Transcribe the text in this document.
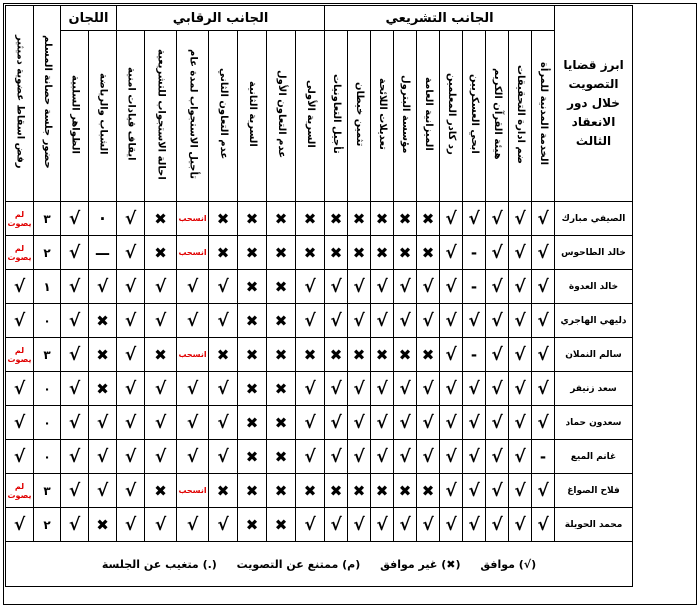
ابرز قضايا التصويت خلال دور الانعقاد الثالث	الجانب التشريعي										الجانب الرقابي							اللجان		حضور جلسة حصانة المسلم	رفض اسقاط عضوية دميثير
	الخدمة المدنية للمرأة	ضم ادارة التحقيقات	هيئة القرآن الكريم	ابحي العسكريين	رد كادر المعلمين	الميزانية العامة	مؤسسة البترول	تعديلات اللائحة	تثمين خيطان	تأجيل التعاونيات	السرية الأولى	عدم التعاون الأول	السرية الثانية	عدم التعاون الثاني	تأجيل الاستجواب لمدة عام	احالة الاستجواب للتشريعية	ايقاف قيادات امنية	الشباب والرياضة	الظواهر السلبية		
الصيفي مبارك	√	√	√	√	√	✖	✖	✖	✖	✖	✖	✖	✖	✖	انسحب	✖	√	·	√	٣	لم يصوت
خالد الطاحوس	√	√	√	-	√	✖	✖	✖	✖	✖	✖	✖	✖	✖	انسحب	✖	√	—	√	٢	لم يصوت
خالد العدوة	√	√	√	-	√	√	√	√	√	√	√	✖	✖	√	√	√	√	√	√	١	√
دليهي الهاجري	√	√	√	√	√	√	√	√	√	√	√	✖	✖	√	√	√	√	✖	√	٠	√
سالم النملان	√	√	√	-	√	✖	✖	✖	✖	✖	✖	✖	✖	✖	انسحب	✖	√	✖	√	٣	لم يصوت
سعد زنيفر	√	√	√	√	√	√	√	√	√	√	√	✖	✖	√	√	√	√	✖	√	٠	√
سعدون حماد	√	√	√	√	√	√	√	√	√	√	√	✖	✖	√	√	√	√	√	√	٠	√
غانم الميع	-	√	√	√	√	√	√	√	√	√	√	✖	✖	√	√	√	√	√	√	٠	√
فلاح الصواغ	√	√	√	√	√	✖	✖	✖	✖	✖	✖	✖	✖	✖	انسحب	✖	√	√	√	٣	لم يصوت
محمد الحويلة	√	√	√	√	√	√	√	√	√	√	√	✖	✖	√	√	√	√	✖	√	٢	√
(√) موافق (✖) غير موافق (م) ممتنع عن التصويت (.) متغيب عن الجلسة																					
